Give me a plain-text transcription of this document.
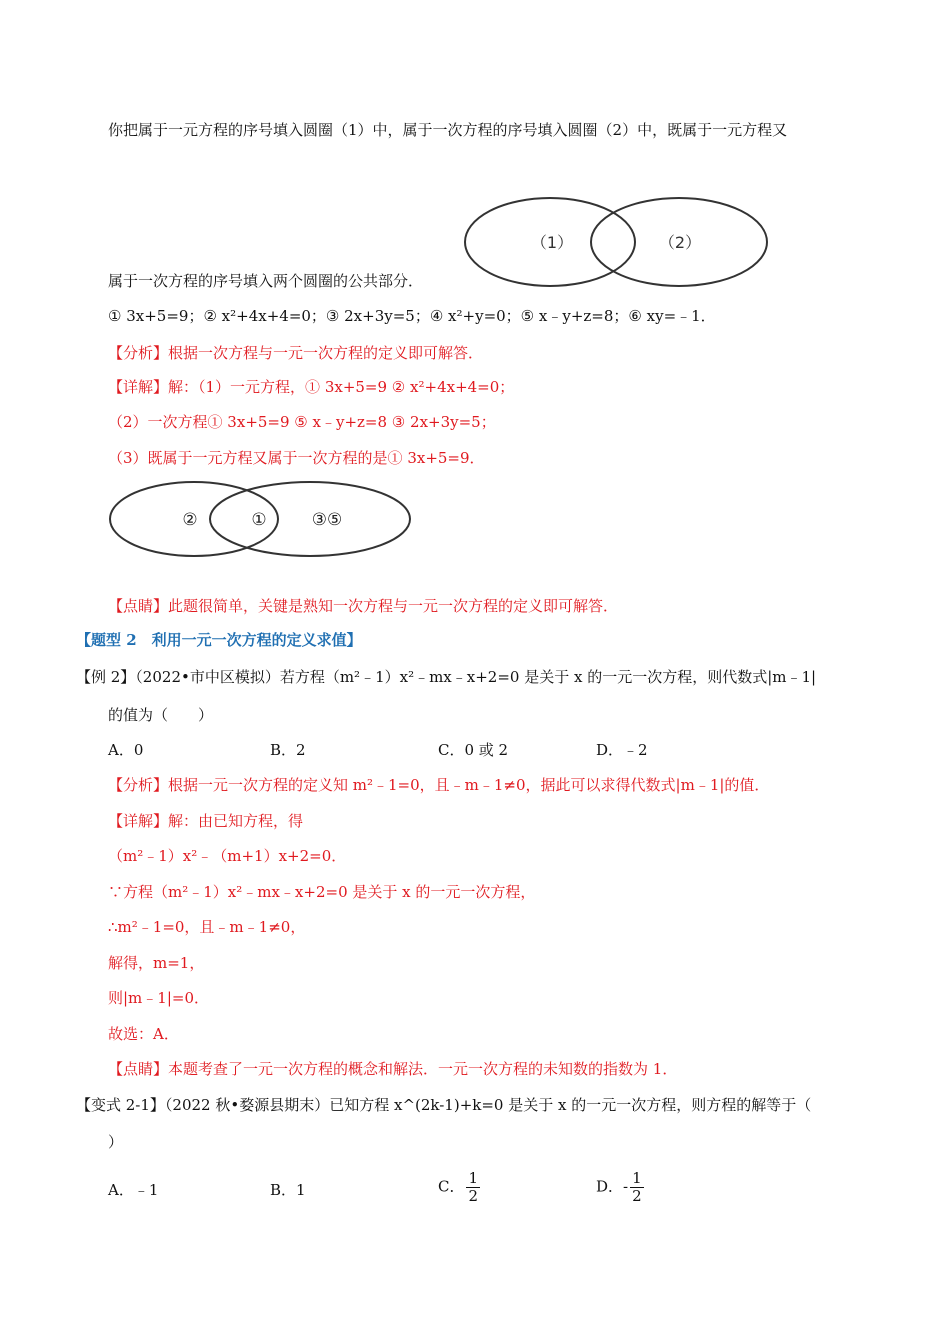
你把属于一元方程的序号填入圆圈（1）中，属于一次方程的序号填入圆圈（2）中，既属于一元方程又
（1）	（2）
属于一次方程的序号填入两个圆圈的公共部分．
① 3x+5=9；② x²+4x+4=0；③ 2x+3y=5；④ x²+y=0；⑤ x﹣y+z=8；⑥ xy=﹣1．
【分析】根据一次方程与一元一次方程的定义即可解答．
【详解】解：（1）一元方程，① 3x+5=9 ② x²+4x+4=0；
（2）一次方程① 3x+5=9 ⑤ x﹣y+z=8 ③ 2x+3y=5；
（3）既属于一元方程又属于一次方程的是① 3x+5=9．
②	①	③⑤
【点睛】此题很简单，关键是熟知一次方程与一元一次方程的定义即可解答．
【题型 2　利用一元一次方程的定义求值】
【例 2】（2022•市中区模拟）若方程（m²﹣1）x²﹣mx﹣x+2=0 是关于 x 的一元一次方程，则代数式|m﹣1|
的值为（　　）
A．0	B．2	C．0 或 2	D．﹣2
【分析】根据一元一次方程的定义知 m²﹣1=0，且﹣m﹣1≠0，据此可以求得代数式|m﹣1|的值．
【详解】解：由已知方程，得
（m²﹣1）x²﹣（m+1）x+2=0．
∵方程（m²﹣1）x²﹣mx﹣x+2=0 是关于 x 的一元一次方程，
∴m²﹣1=0，且﹣m﹣1≠0，
解得，m=1，
则|m﹣1|=0．
故选：A．
【点睛】本题考查了一元一次方程的概念和解法．一元一次方程的未知数的指数为 1．
【变式 2-1】（2022 秋•婺源县期末）已知方程 x^(2k-1)+k=0 是关于 x 的一元一次方程，则方程的解等于（
）
A．﹣1	B．1	C． $\frac{1}{2}$	D．- $\frac{1}{2}$
